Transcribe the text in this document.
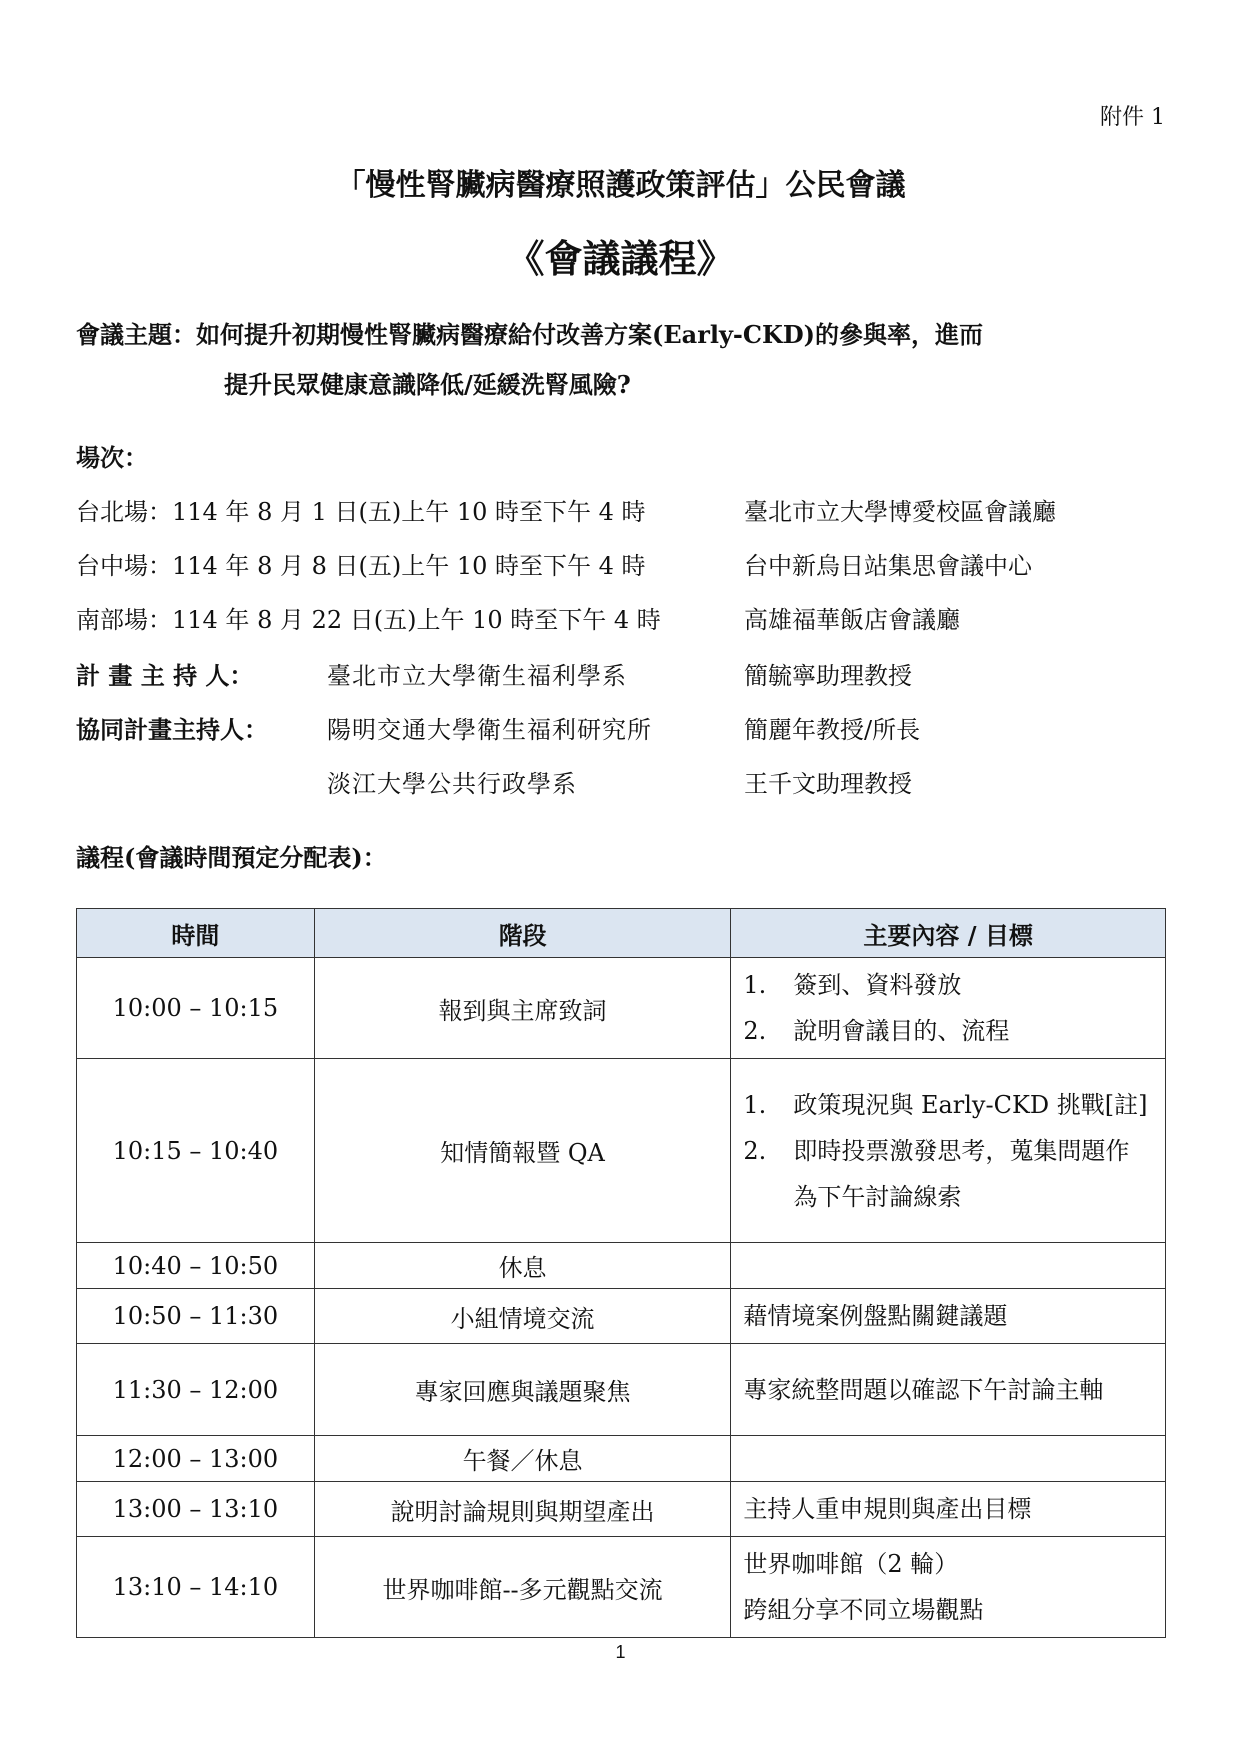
附件 1
「慢性腎臟病醫療照護政策評估」公民會議
《會議議程》
會議主題：如何提升初期慢性腎臟病醫療給付改善方案(Early-CKD)的參與率，進而
提升民眾健康意識降低/延緩洗腎風險?
場次：
台北場：114 年 8 月 1 日(五)上午 10 時至下午 4 時	臺北市立大學博愛校區會議廳
台中場：114 年 8 月 8 日(五)上午 10 時至下午 4 時	台中新烏日站集思會議中心
南部場：114 年 8 月 22 日(五)上午 10 時至下午 4 時	高雄福華飯店會議廳
計 畫 主 持 人：	臺北市立大學衛生福利學系	簡毓寧助理教授
協同計畫主持人： 陽明交通大學衛生福利研究所	簡麗年教授/所長
淡江大學公共行政學系	王千文助理教授
議程(會議時間預定分配表)：
時間	階段	主要內容 / 目標
10:00 – 10:15	報到與主席致詞	1. 簽到、資料發放
2. 說明會議目的、流程

10:15 – 10:40	知情簡報暨 QA	1. 政策現況與 Early-CKD 挑戰[註]
2. 即時投票激發思考，蒐集問題作為下午討論線索

10:40 – 10:50	休息	
10:50 – 11:30	小組情境交流	藉情境案例盤點關鍵議題
11:30 – 12:00	專家回應與議題聚焦	專家統整問題以確認下午討論主軸
12:00 – 13:00	午餐／休息	
13:00 – 13:10	說明討論規則與期望產出	主持人重申規則與產出目標
13:10 – 14:10	世界咖啡館--多元觀點交流	世界咖啡館（2 輪）
跨組分享不同立場觀點
1
